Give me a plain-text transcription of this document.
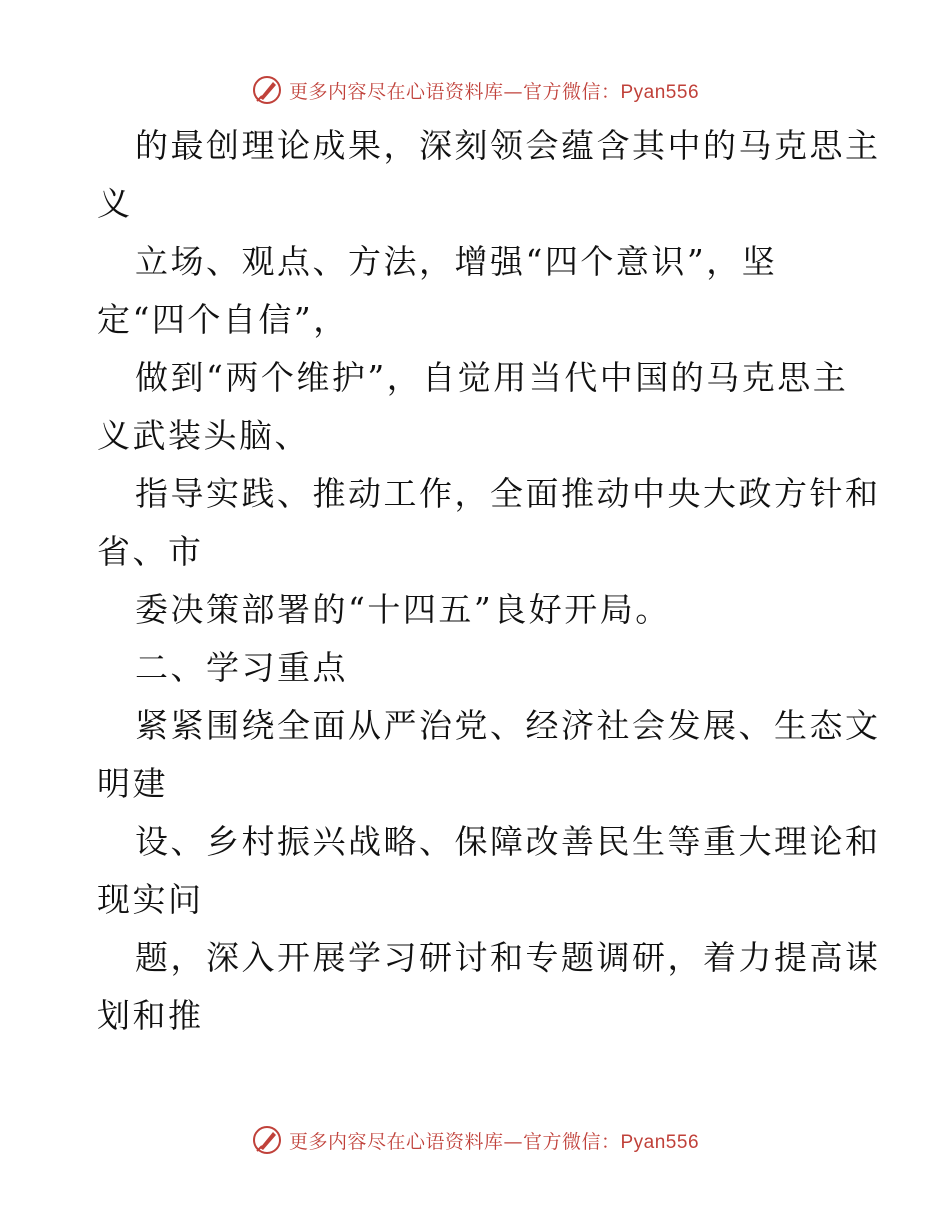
更多内容尽在心语资料库—官方微信：Pyan556
的最创理论成果，深刻领会蕴含其中的马克思主
义
立场、观点、方法，增强“四个意识”，坚
定“四个自信”，
做到“两个维护”，自觉用当代中国的马克思主
义武装头脑、
指导实践、推动工作，全面推动中央大政方针和
省、市
委决策部署的“十四五”良好开局。
二、学习重点
紧紧围绕全面从严治党、经济社会发展、生态文
明建
设、乡村振兴战略、保障改善民生等重大理论和
现实问
题，深入开展学习研讨和专题调研，着力提高谋
划和推
更多内容尽在心语资料库—官方微信：Pyan556
